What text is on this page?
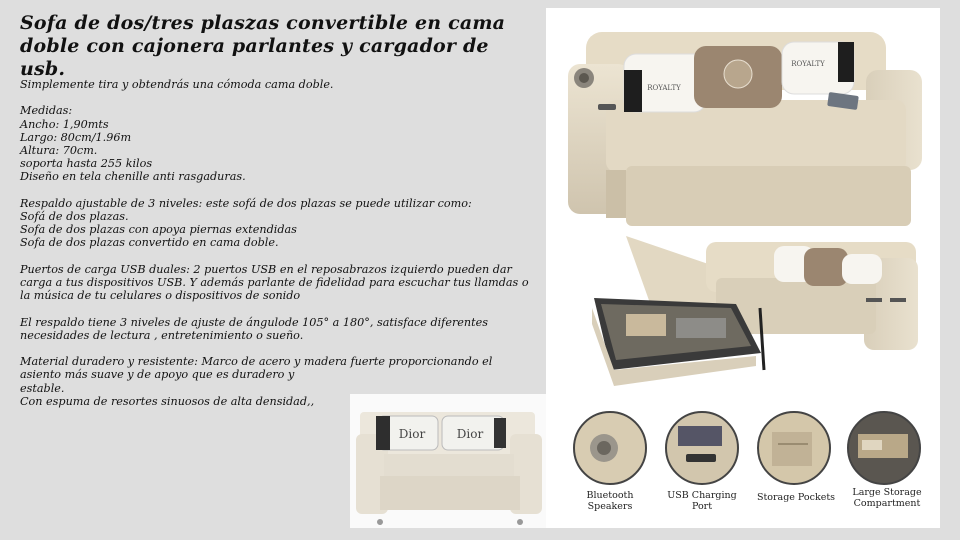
Sofa de dos/tres plaszas convertible en cama doble con cajonera parlantes y cargador de usb.

Simplemente tira y obtendrás una cómoda cama doble.

Medidas:
Ancho: 1,90mts
Largo: 80cm/1.96m
Altura: 70cm.
soporta hasta 255 kilos
Diseño en tela chenille anti rasgaduras.

Respaldo ajustable de 3 niveles: este sofá de dos plazas se puede utilizar como:
Sofá de dos plazas.
Sofa de dos plazas con apoya piernas extendidas
Sofa de dos plazas convertido en cama doble.

Puertos de carga USB duales: 2 puertos USB en el reposabrazos izquierdo pueden dar carga a tus dispositivos USB. Y además parlante de fidelidad para escuchar tus llamdas o la música de tu celulares o dispositivos de sonido

El respaldo tiene 3 niveles de ajuste de ángulode 105° a 180°, satisface diferentes necesidades de lectura , entretenimiento o sueño.

Material duradero y resistente: Marco de acero y madera fuerte proporcionando el
asiento más suave y de apoyo que es duradero y
estable.
Con espuma de resortes sinuosos de alta densidad,,

ROYALTY
ROYALTY
Bluetooth
Speakers
USB Charging
Port
Storage Pockets	Large Storage
Compartment
Dior	Dior
